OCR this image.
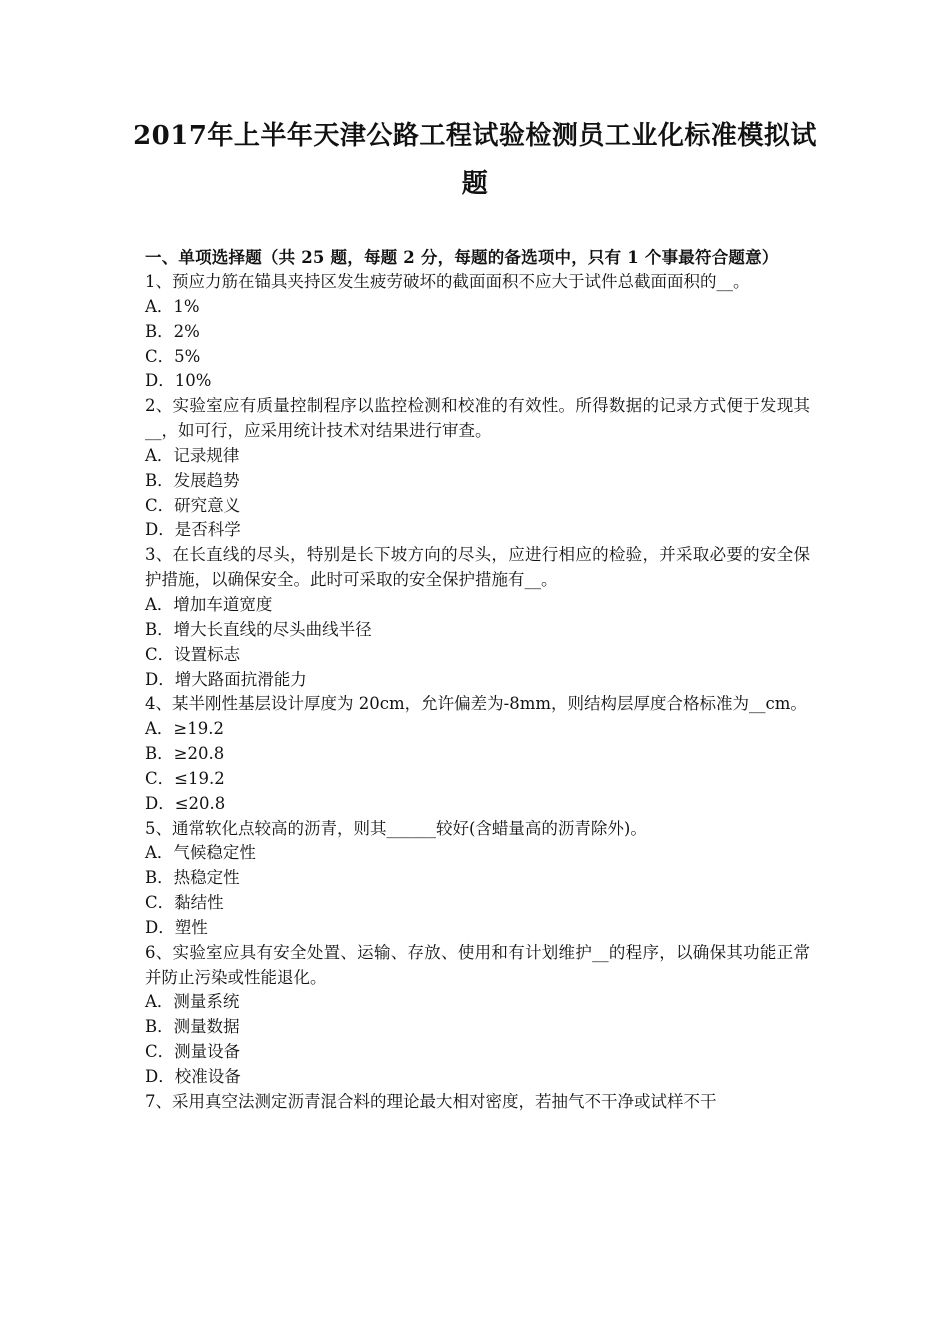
2017年上半年天津公路工程试验检测员工业化标准模拟试
题
一、单项选择题（共 25 题，每题 2 分，每题的备选项中，只有 1 个事最符合题意）
1、预应力筋在锚具夹持区发生疲劳破坏的截面面积不应大于试件总截面面积的__。
A．1%
B．2%
C．5%
D．10%
2、实验室应有质量控制程序以监控检测和校准的有效性。所得数据的记录方式便于发现其__，如可行，应采用统计技术对结果进行审查。
A．记录规律
B．发展趋势
C．研究意义
D．是否科学
3、在长直线的尽头，特别是长下坡方向的尽头，应进行相应的检验，并采取必要的安全保护措施，以确保安全。此时可采取的安全保护措施有__。
A．增加车道宽度
B．增大长直线的尽头曲线半径
C．设置标志
D．增大路面抗滑能力
4、某半刚性基层设计厚度为 20cm，允许偏差为-8mm，则结构层厚度合格标准为__cm。
A．≥19.2
B．≥20.8
C．≤19.2
D．≤20.8
5、通常软化点较高的沥青，则其______较好(含蜡量高的沥青除外)。
A．气候稳定性
B．热稳定性
C．黏结性
D．塑性
6、实验室应具有安全处置、运输、存放、使用和有计划维护__的程序，以确保其功能正常并防止污染或性能退化。
A．测量系统
B．测量数据
C．测量设备
D．校准设备
7、采用真空法测定沥青混合料的理论最大相对密度，若抽气不干净或试样不干
